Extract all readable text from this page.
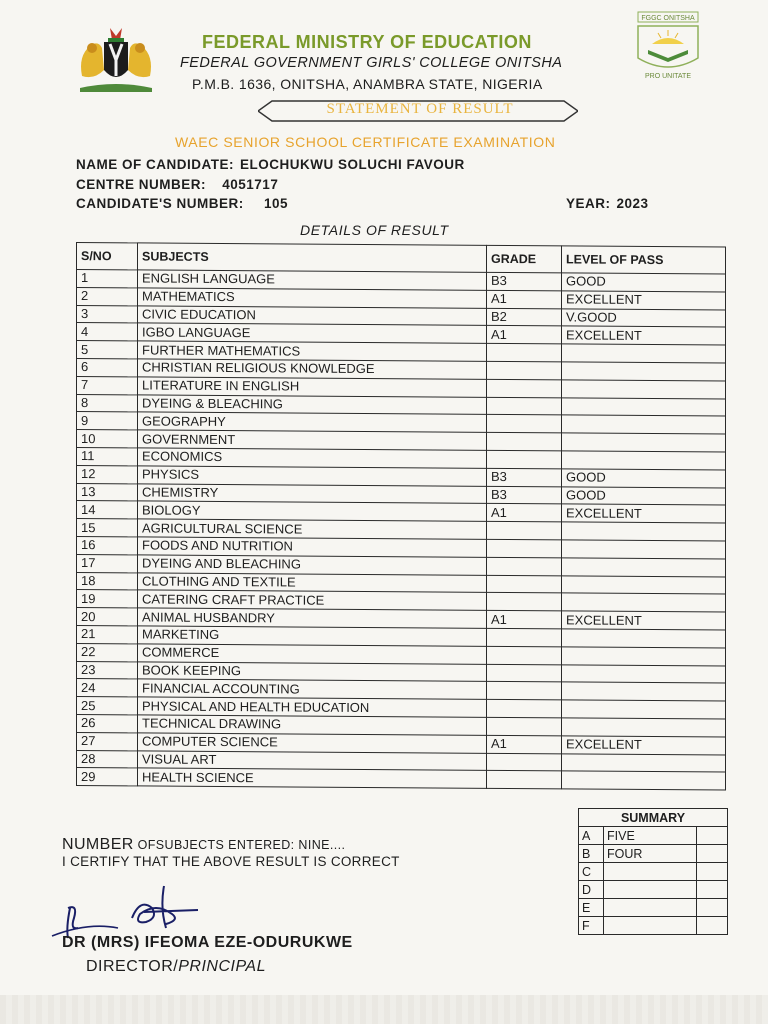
FGGC ONITSHA
PRO UNITATE
FEDERAL MINISTRY OF EDUCATION
FEDERAL GOVERNMENT GIRLS' COLLEGE ONITSHA
P.M.B. 1636, ONITSHA, ANAMBRA STATE, NIGERIA
STATEMENT OF RESULT
WAEC SENIOR SCHOOL CERTIFICATE EXAMINATION
NAME OF CANDIDATE: ELOCHUKWU SOLUCHI FAVOUR
CENTRE NUMBER: 4051717
CANDIDATE'S NUMBER: 105	YEAR: 2023
DETAILS OF RESULT
S/NO	SUBJECTS	GRADE	LEVEL OF PASS
1	ENGLISH LANGUAGE	B3	GOOD
2	MATHEMATICS	A1	EXCELLENT
3	CIVIC EDUCATION	B2	V.GOOD
4	IGBO LANGUAGE	A1	EXCELLENT
5	FURTHER MATHEMATICS		
6	CHRISTIAN RELIGIOUS KNOWLEDGE		
7	LITERATURE IN ENGLISH		
8	DYEING & BLEACHING		
9	GEOGRAPHY		
10	GOVERNMENT		
11	ECONOMICS		
12	PHYSICS	B3	GOOD
13	CHEMISTRY	B3	GOOD
14	BIOLOGY	A1	EXCELLENT
15	AGRICULTURAL SCIENCE		
16	FOODS AND NUTRITION		
17	DYEING AND BLEACHING		
18	CLOTHING AND TEXTILE		
19	CATERING CRAFT PRACTICE		
20	ANIMAL HUSBANDRY	A1	EXCELLENT
21	MARKETING		
22	COMMERCE		
23	BOOK KEEPING		
24	FINANCIAL ACCOUNTING		
25	PHYSICAL AND HEALTH EDUCATION		
26	TECHNICAL DRAWING		
27	COMPUTER SCIENCE	A1	EXCELLENT
28	VISUAL ART		
29	HEALTH SCIENCE		
SUMMARY		
A	FIVE	
B	FOUR	
C		
D		
E		
F		
NUMBER OFSUBJECTS ENTERED: NINE....
I CERTIFY THAT THE ABOVE RESULT IS CORRECT
DR (MRS) IFEOMA EZE-ODURUKWE
DIRECTOR/PRINCIPAL
